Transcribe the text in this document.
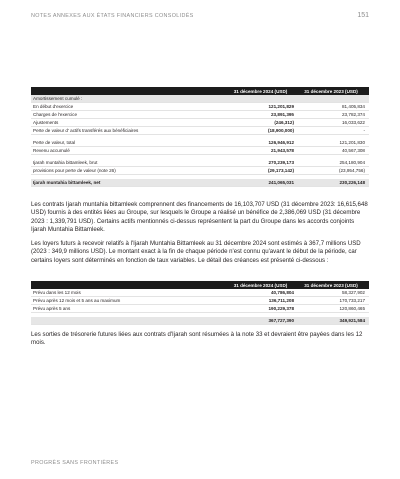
NOTES ANNEXES AUX ÉTATS FINANCIERS CONSOLIDÉS	151
31 décembre 2024 (USD)	31 décembre 2023 (USD)
Amortissement cumulé :
En début d'exercice	121,201,829	81,405,834
Charges de l'exercice	23,891,395	23,782,374
Ajustements	(246,312)	16,033,622
Perte de valeur d' actifs transférés aux bénéficiaires	(18,900,000)	-
Perte de valeur, total	126,946,912	121,201,830
Revenu accumulé	21,943,578	40,567,308
Ijarah muntahia bittamleek, brut	270,239,173	254,180,904
provisions pour perte de valeur (note 26)	(29,173,142)	(23,954,756)
Ijarah muntahia bittamleek, net	241,065,031	230,226,148

Les contrats Ijarah muntahia bittamleek comprennent des financements de 16,103,707 USD (31 décembre 2023: 16,615,648 USD) fournis à des entités liées au Groupe, sur lesquels le Groupe a réalisé un bénéfice de 2,386,069 USD (31 décembre 2023 : 1,339,791 USD). Certains actifs mentionnés ci-dessus représentent la part du Groupe dans les accords conjoints Ijarah Muntahia Bittamleek.

Les loyers futurs à recevoir relatifs à l'Ijarah Muntahia Bittamleek au 31 décembre 2024 sont estimés à 367,7 millions USD (2023 : 349,9 millions USD). Le montant exact à la fin de chaque période n'est connu qu'avant le début de la période, car certains loyers sont déterminés en fonction de taux variables. Le détail des créances est présenté ci-dessous :

31 décembre 2024 (USD)	31 décembre 2023 (USD)
Prévu dans les 12 mois	40,786,804	58,327,902
Prévu après 12 mois et 5 ans au maximum	136,711,208	170,733,217
Prévu après 5 ans	190,229,378	120,860,465
367,727,390	349,921,584

Les sorties de trésorerie futures liées aux contrats d'Ijarah sont résumées à la note 33 et devraient être payées dans les 12 mois.

PROGRÈS SANS FRONTIÈRES
